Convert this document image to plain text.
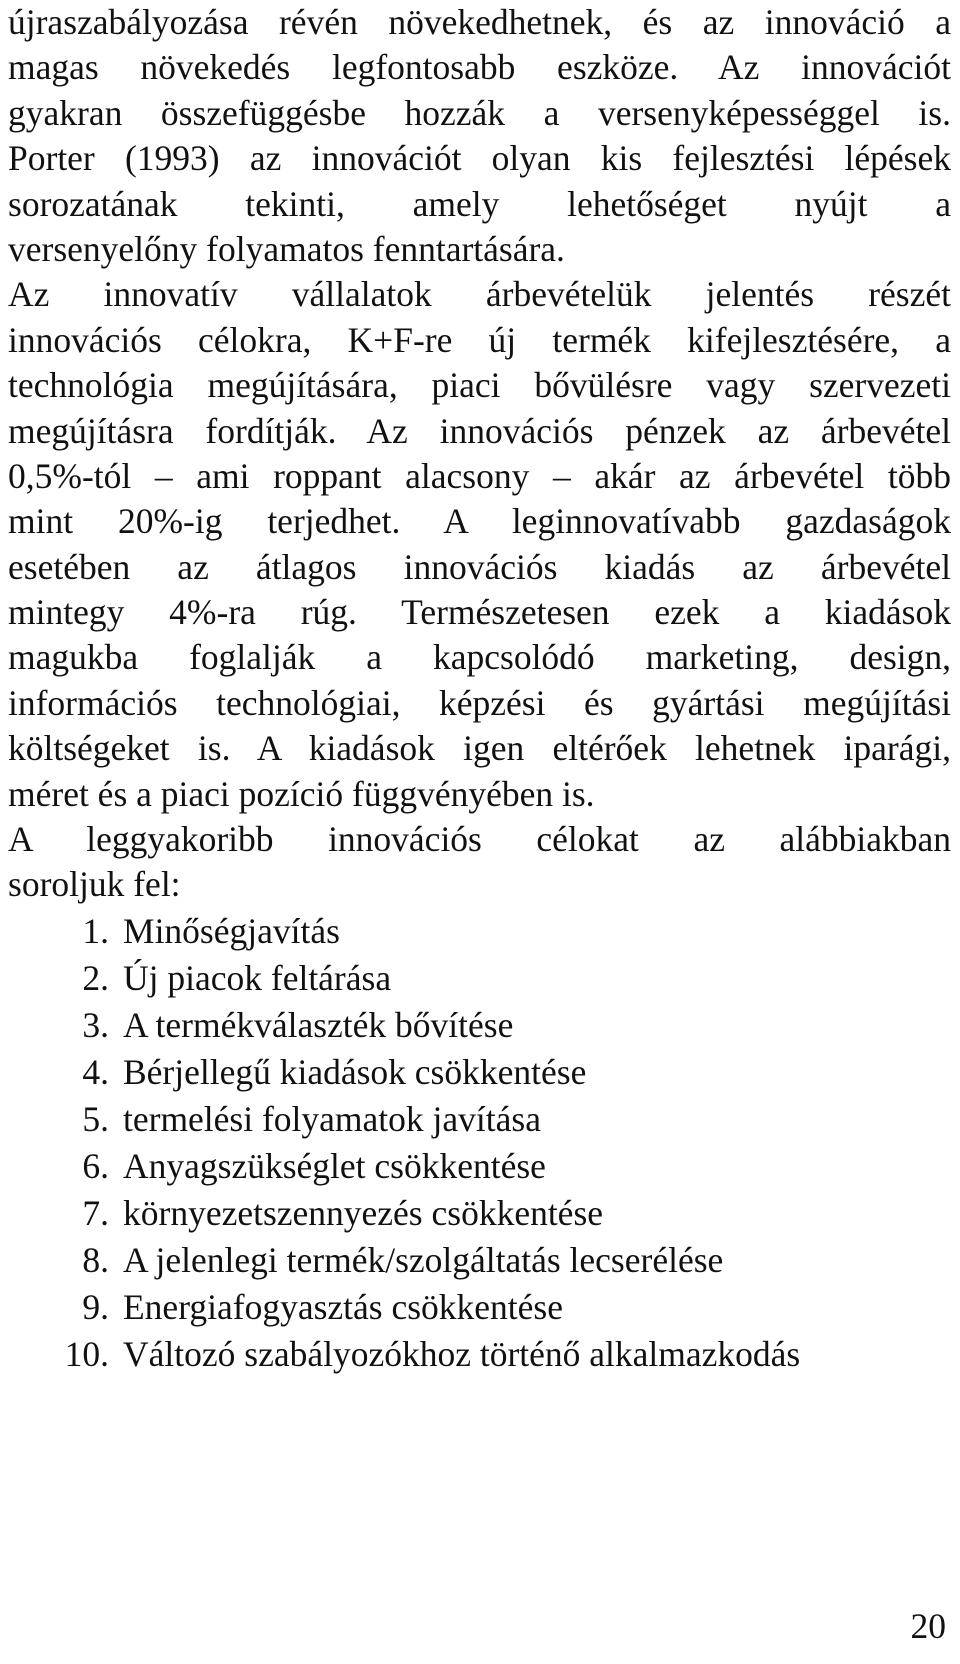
újraszabályozása révén növekedhetnek, és az innováció a
magas növekedés legfontosabb eszköze. Az innovációt
gyakran összefüggésbe hozzák a versenyképességgel is.
Porter (1993) az innovációt olyan kis fejlesztési lépések
sorozatának tekinti, amely lehetőséget nyújt a
versenyelőny folyamatos fenntartására.
Az innovatív vállalatok árbevételük jelentés részét
innovációs célokra, K+F-re új termék kifejlesztésére, a
technológia megújítására, piaci bővülésre vagy szervezeti
megújításra fordítják. Az innovációs pénzek az árbevétel
0,5%-tól – ami roppant alacsony – akár az árbevétel több
mint 20%-ig terjedhet. A leginnovatívabb gazdaságok
esetében az átlagos innovációs kiadás az árbevétel
mintegy 4%-ra rúg. Természetesen ezek a kiadások
magukba foglalják a kapcsolódó marketing, design,
információs technológiai, képzési és gyártási megújítási
költségeket is. A kiadások igen eltérőek lehetnek iparági,
méret és a piaci pozíció függvényében is.
A leggyakoribb innovációs célokat az alábbiakban
soroljuk fel:
1. Minőségjavítás
2. Új piacok feltárása
3. A termékválaszték bővítése
4. Bérjellegű kiadások csökkentése
5. termelési folyamatok javítása
6. Anyagszükséglet csökkentése
7. környezetszennyezés csökkentése
8. A jelenlegi termék/szolgáltatás lecserélése
9. Energiafogyasztás csökkentése
10. Változó szabályozókhoz történő alkalmazkodás
20
